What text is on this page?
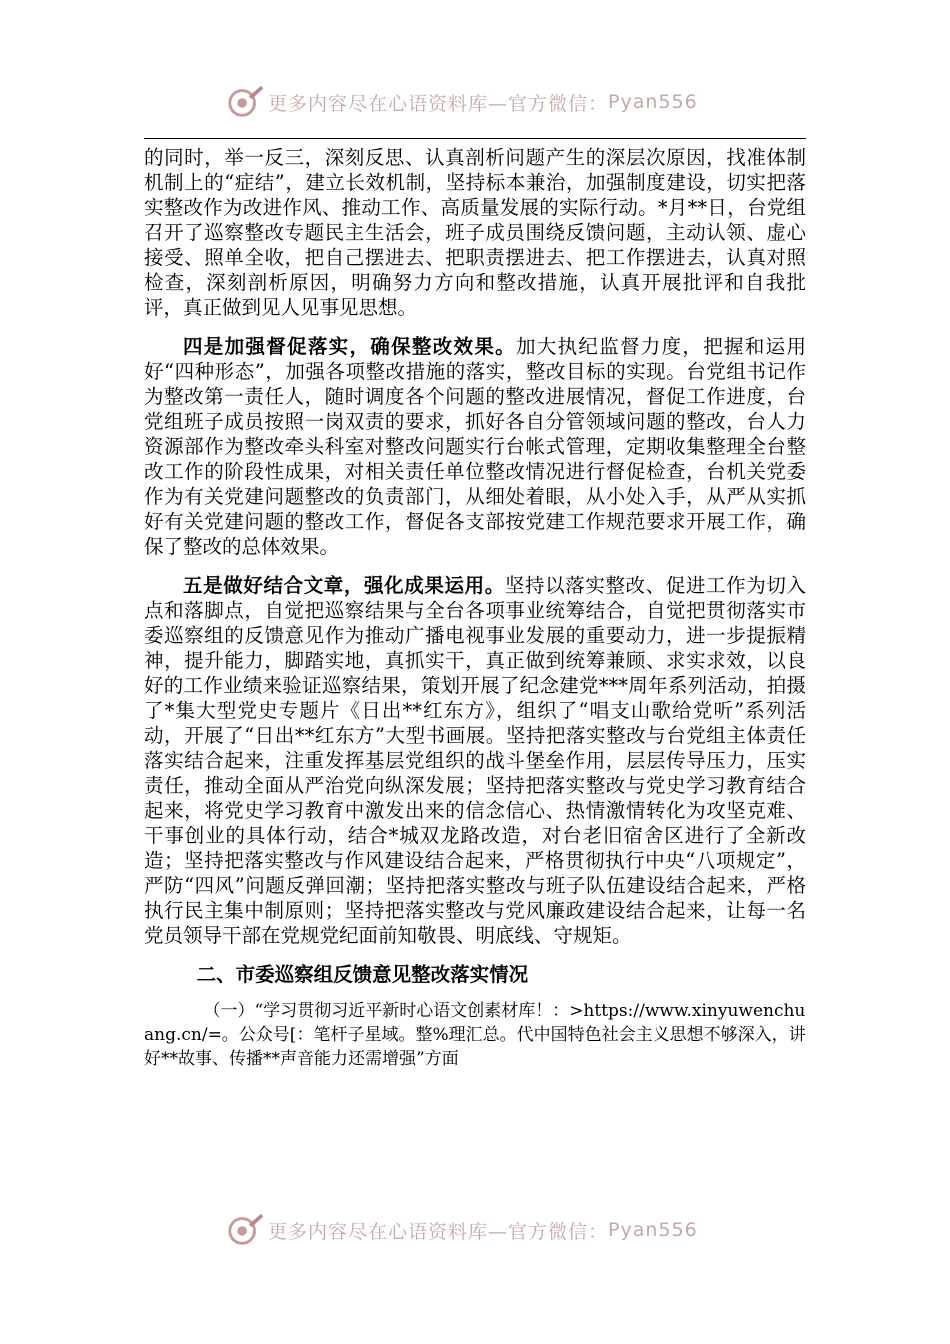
更多内容尽在心语资料库—官方微信： Pyan556

的同时，举一反三，深刻反思、认真剖析问题产生的深层次原因，找准体制机制上的“症结”，建立长效机制，坚持标本兼治，加强制度建设，切实把落实整改作为改进作风、推动工作、高质量发展的实际行动。*月**日，台党组召开了巡察整改专题民主生活会，班子成员围绕反馈问题，主动认领、虚心接受、照单全收，把自己摆进去、把职责摆进去、把工作摆进去，认真对照检查，深刻剖析原因，明确努力方向和整改措施，认真开展批评和自我批评，真正做到见人见事见思想。

四是加强督促落实，确保整改效果。加大执纪监督力度，把握和运用好“四种形态”，加强各项整改措施的落实，整改目标的实现。台党组书记作为整改第一责任人，随时调度各个问题的整改进展情况，督促工作进度，台党组班子成员按照一岗双责的要求，抓好各自分管领域问题的整改，台人力资源部作为整改牵头科室对整改问题实行台帐式管理，定期收集整理全台整改工作的阶段性成果，对相关责任单位整改情况进行督促检查，台机关党委作为有关党建问题整改的负责部门，从细处着眼，从小处入手，从严从实抓好有关党建问题的整改工作，督促各支部按党建工作规范要求开展工作，确保了整改的总体效果。

五是做好结合文章，强化成果运用。坚持以落实整改、促进工作为切入点和落脚点，自觉把巡察结果与全台各项事业统筹结合，自觉把贯彻落实市委巡察组的反馈意见作为推动广播电视事业发展的重要动力，进一步提振精神，提升能力，脚踏实地，真抓实干，真正做到统筹兼顾、求实求效，以良好的工作业绩来验证巡察结果，策划开展了纪念建党***周年系列活动，拍摄了*集大型党史专题片《日出**红东方》，组织了“唱支山歌给党听”系列活动，开展了“日出**红东方”大型书画展。坚持把落实整改与台党组主体责任落实结合起来，注重发挥基层党组织的战斗堡垒作用，层层传导压力，压实责任，推动全面从严治党向纵深发展；坚持把落实整改与党史学习教育结合起来，将党史学习教育中激发出来的信念信心、热情激情转化为攻坚克难、干事创业的具体行动，结合*城双龙路改造，对台老旧宿舍区进行了全新改造；坚持把落实整改与作风建设结合起来，严格贯彻执行中央“八项规定”，严防“四风”问题反弹回潮；坚持把落实整改与班子队伍建设结合起来，严格执行民主集中制原则；坚持把落实整改与党风廉政建设结合起来，让每一名党员领导干部在党规党纪面前知敬畏、明底线、守规矩。

二、市委巡察组反馈意见整改落实情况

（一）“学习贯彻习近平新时心语文创素材库！：>https://www.xinyuwenchuang.cn/=。公众号[：笔杆子星域。整%理汇总。代中国特色社会主义思想不够深入，讲好**故事、传播**声音能力还需增强”方面

更多内容尽在心语资料库—官方微信： Pyan556
